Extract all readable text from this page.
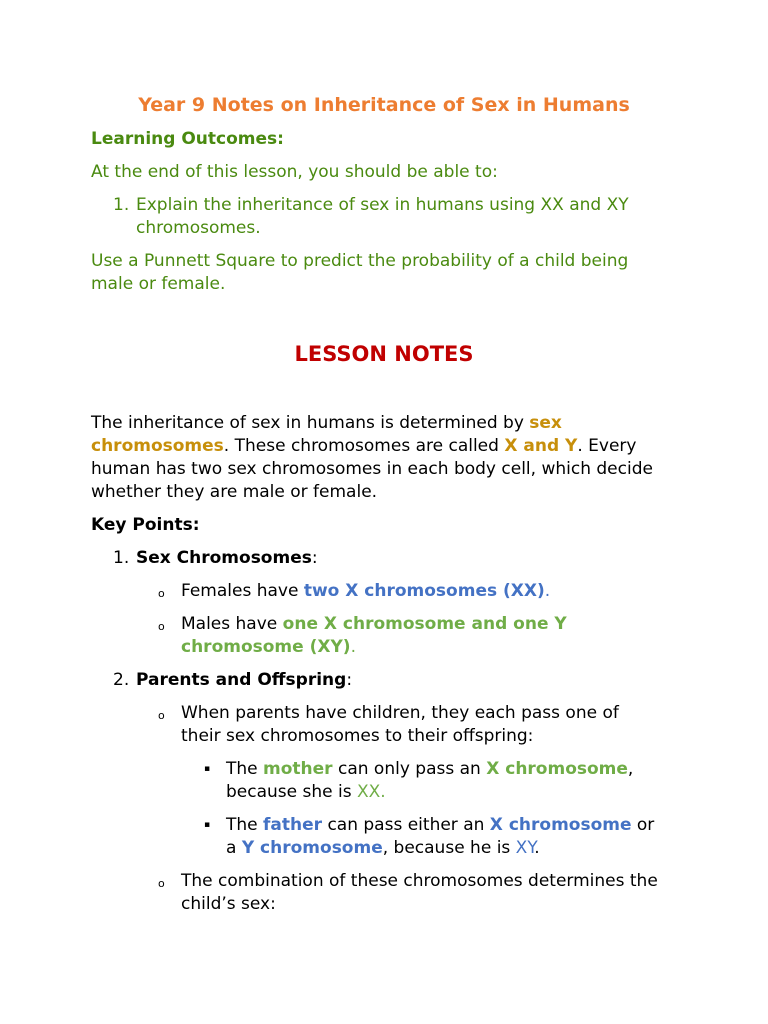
Year 9 Notes on Inheritance of Sex in Humans
Learning Outcomes:
At the end of this lesson, you should be able to:
1. Explain the inheritance of sex in humans using XX and XY
chromosomes.
Use a Punnett Square to predict the probability of a child being
male or female.
LESSON NOTES
The inheritance of sex in humans is determined by sex
chromosomes. These chromosomes are called X and Y. Every
human has two sex chromosomes in each body cell, which decide
whether they are male or female.
Key Points:
1. Sex Chromosomes:
o Females have two X chromosomes (XX).
o Males have one X chromosome and one Y
chromosome (XY).
2. Parents and Offspring:
o When parents have children, they each pass one of
their sex chromosomes to their offspring:
▪ The mother can only pass an X chromosome,
because she is XX.
▪ The father can pass either an X chromosome or
a Y chromosome, because he is XY.
o The combination of these chromosomes determines the
child’s sex:
